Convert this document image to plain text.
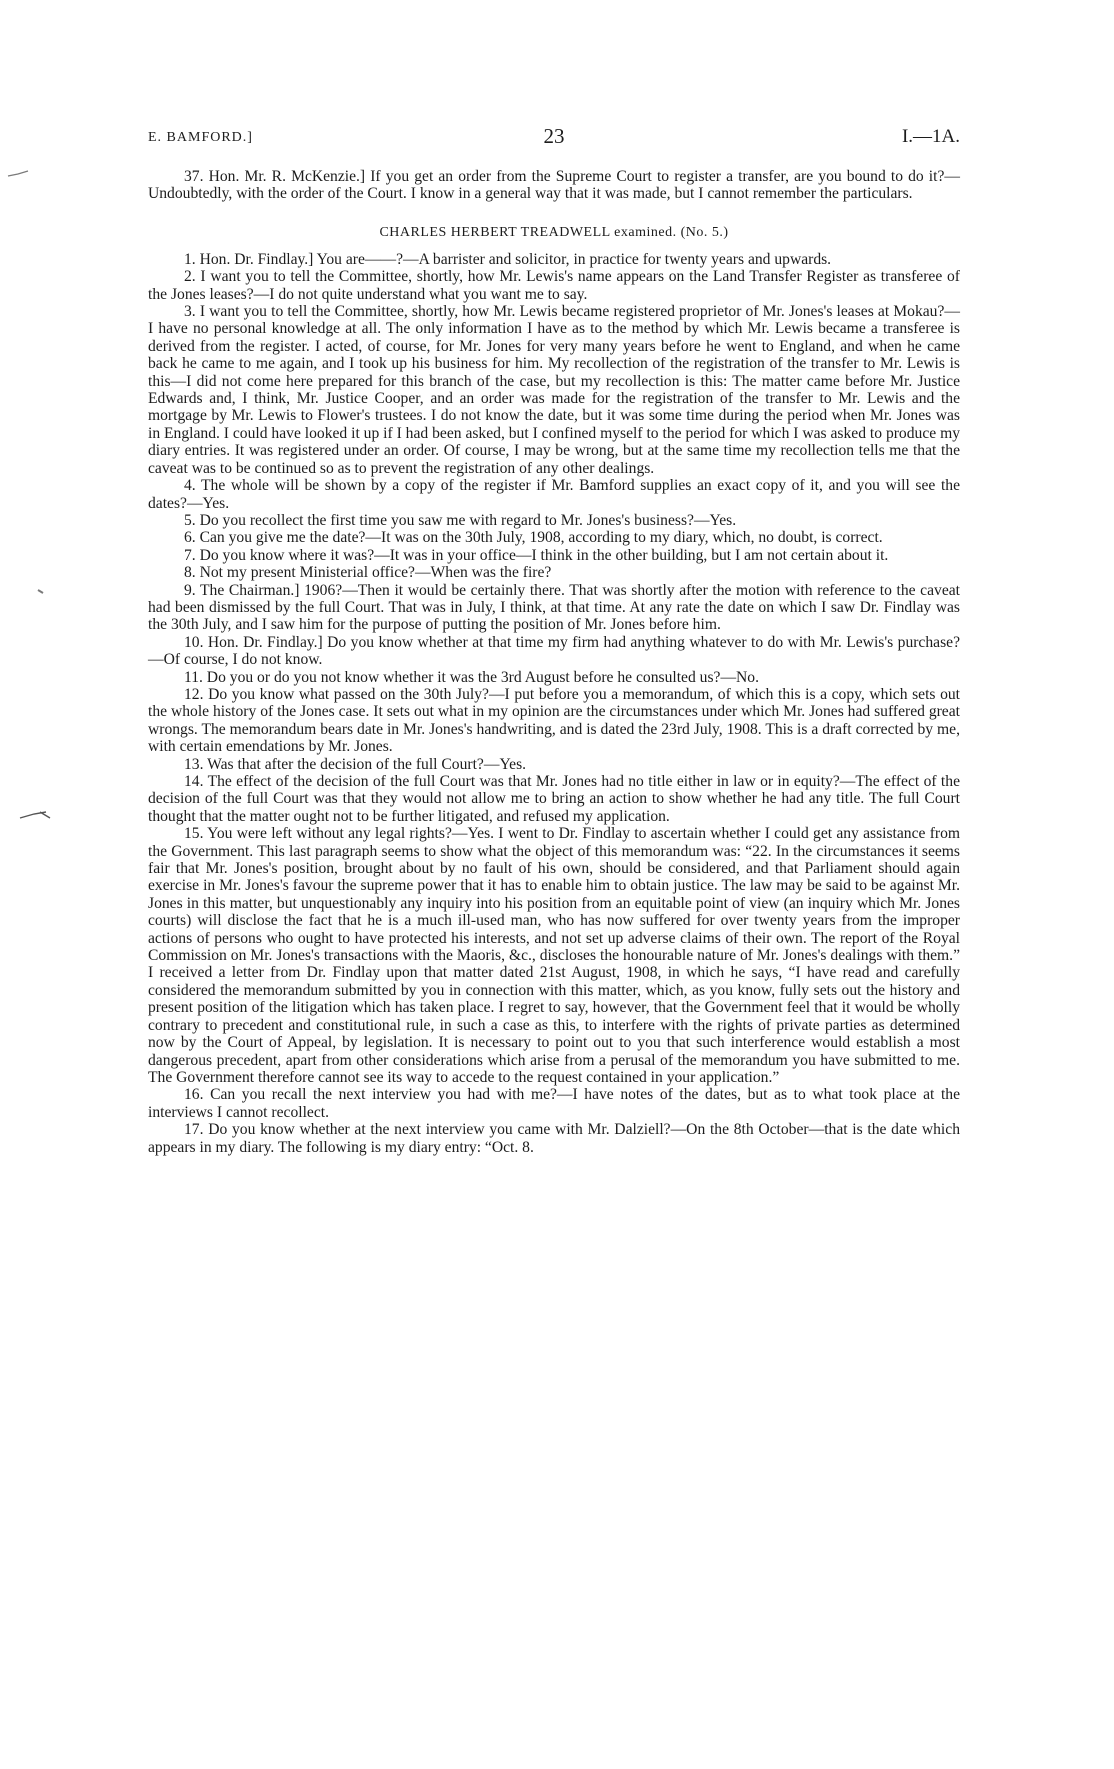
E. BAMFORD.]	23	I.—1A.

37. Hon. Mr. R. McKenzie.] If you get an order from the Supreme Court to register a transfer, are you bound to do it?—Undoubtedly, with the order of the Court. I know in a general way that it was made, but I cannot remember the particulars.

CHARLES HERBERT TREADWELL examined. (No. 5.)

1. Hon. Dr. Findlay.] You are——?—A barrister and solicitor, in practice for twenty years and upwards.

2. I want you to tell the Committee, shortly, how Mr. Lewis's name appears on the Land Transfer Register as transferee of the Jones leases?—I do not quite understand what you want me to say.

3. I want you to tell the Committee, shortly, how Mr. Lewis became registered proprietor of Mr. Jones's leases at Mokau?—I have no personal knowledge at all. The only information I have as to the method by which Mr. Lewis became a transferee is derived from the register. I acted, of course, for Mr. Jones for very many years before he went to England, and when he came back he came to me again, and I took up his business for him. My recollection of the registration of the transfer to Mr. Lewis is this—I did not come here prepared for this branch of the case, but my recollection is this: The matter came before Mr. Justice Edwards and, I think, Mr. Justice Cooper, and an order was made for the registration of the transfer to Mr. Lewis and the mortgage by Mr. Lewis to Flower's trustees. I do not know the date, but it was some time during the period when Mr. Jones was in England. I could have looked it up if I had been asked, but I confined myself to the period for which I was asked to produce my diary entries. It was registered under an order. Of course, I may be wrong, but at the same time my recollection tells me that the caveat was to be continued so as to prevent the registration of any other dealings.

4. The whole will be shown by a copy of the register if Mr. Bamford supplies an exact copy of it, and you will see the dates?—Yes.

5. Do you recollect the first time you saw me with regard to Mr. Jones's business?—Yes.

6. Can you give me the date?—It was on the 30th July, 1908, according to my diary, which, no doubt, is correct.

7. Do you know where it was?—It was in your office—I think in the other building, but I am not certain about it.

8. Not my present Ministerial office?—When was the fire?

9. The Chairman.] 1906?—Then it would be certainly there. That was shortly after the motion with reference to the caveat had been dismissed by the full Court. That was in July, I think, at that time. At any rate the date on which I saw Dr. Findlay was the 30th July, and I saw him for the purpose of putting the position of Mr. Jones before him.

10. Hon. Dr. Findlay.] Do you know whether at that time my firm had anything whatever to do with Mr. Lewis's purchase?—Of course, I do not know.

11. Do you or do you not know whether it was the 3rd August before he consulted us?—No.

12. Do you know what passed on the 30th July?—I put before you a memorandum, of which this is a copy, which sets out the whole history of the Jones case. It sets out what in my opinion are the circumstances under which Mr. Jones had suffered great wrongs. The memorandum bears date in Mr. Jones's handwriting, and is dated the 23rd July, 1908. This is a draft corrected by me, with certain emendations by Mr. Jones.

13. Was that after the decision of the full Court?—Yes.

14. The effect of the decision of the full Court was that Mr. Jones had no title either in law or in equity?—The effect of the decision of the full Court was that they would not allow me to bring an action to show whether he had any title. The full Court thought that the matter ought not to be further litigated, and refused my application.

15. You were left without any legal rights?—Yes. I went to Dr. Findlay to ascertain whether I could get any assistance from the Government. This last paragraph seems to show what the object of this memorandum was: “22. In the circumstances it seems fair that Mr. Jones's position, brought about by no fault of his own, should be considered, and that Parliament should again exercise in Mr. Jones's favour the supreme power that it has to enable him to obtain justice. The law may be said to be against Mr. Jones in this matter, but unquestionably any inquiry into his position from an equitable point of view (an inquiry which Mr. Jones courts) will disclose the fact that he is a much ill-used man, who has now suffered for over twenty years from the improper actions of persons who ought to have protected his interests, and not set up adverse claims of their own. The report of the Royal Commission on Mr. Jones's transactions with the Maoris, &c., discloses the honourable nature of Mr. Jones's dealings with them.” I received a letter from Dr. Findlay upon that matter dated 21st August, 1908, in which he says, “I have read and carefully considered the memorandum submitted by you in connection with this matter, which, as you know, fully sets out the history and present position of the litigation which has taken place. I regret to say, however, that the Government feel that it would be wholly contrary to precedent and constitutional rule, in such a case as this, to interfere with the rights of private parties as determined now by the Court of Appeal, by legislation. It is necessary to point out to you that such interference would establish a most dangerous precedent, apart from other considerations which arise from a perusal of the memorandum you have submitted to me. The Government therefore cannot see its way to accede to the request contained in your application.”

16. Can you recall the next interview you had with me?—I have notes of the dates, but as to what took place at the interviews I cannot recollect.

17. Do you know whether at the next interview you came with Mr. Dalziell?—On the 8th October—that is the date which appears in my diary. The following is my diary entry: “Oct. 8.
